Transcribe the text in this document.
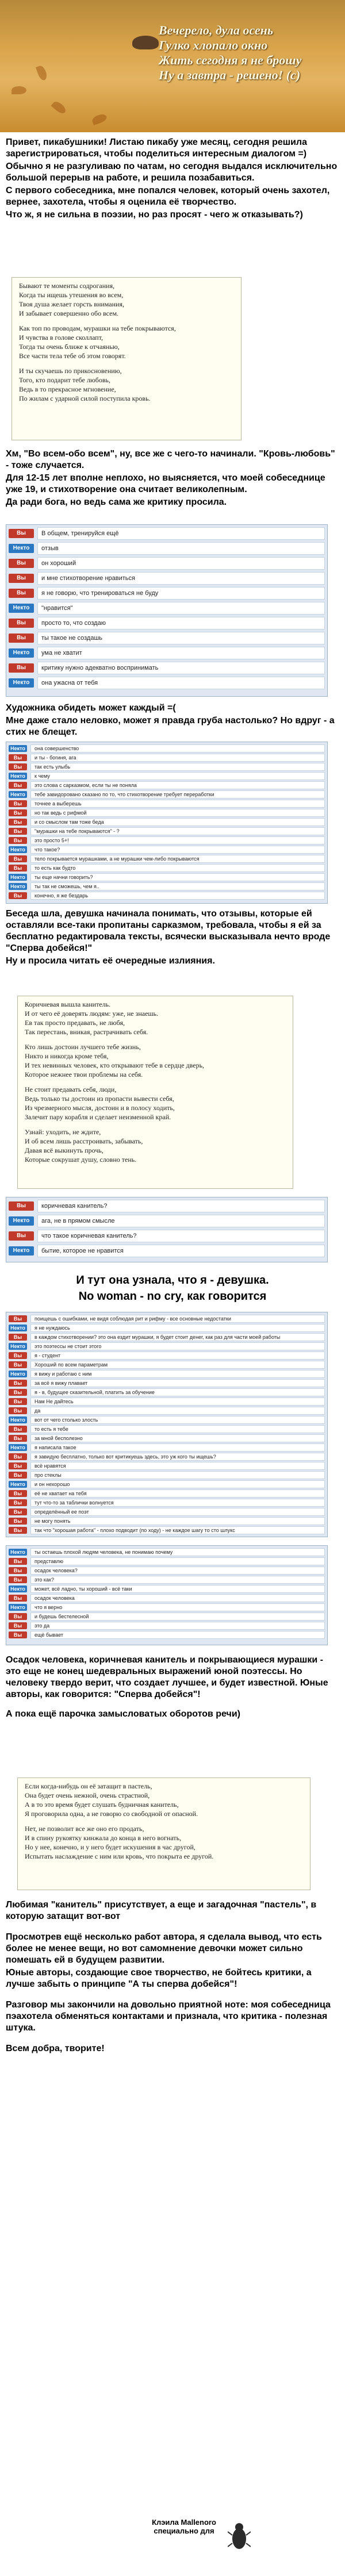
Вечерело, дула осень
Гулко хлопало окно
Жить сегодня я не брошу
Ну а завтра - решено! (с)

Привет, пикабушники! Листаю пикабу уже месяц, сегодня решила зарегистрироваться, чтобы поделиться интересным диалогом =)

Обычно я не разгуливаю по чатам, но сегодня выдался исключительно большой перерыв на работе, и решила позабавиться.

С первого собеседника, мне попался человек, который очень захотел, вернее, захотела, чтобы я оценила её творчество.

Что ж, я не сильна в поэзии, но раз просят - чего ж отказывать?)

Бывают те моменты содрогания,
Когда ты ищешь утешения во всем,
Твоя душа желает горсть внимания,
И забывает совершенно обо всем.
Как топ по проводам, мурашки на тебе покрываются,
И чувства в голове сколлапт,
Тогда ты очень ближе к отчаянью,
Все части тела тебе об этом говорят.
И ты скучаешь по прикосновению,
Того, кто подарит тебе любовь,
Ведь в то прекрасное мгновение,
По жилам с ударной силой поступила кровь.

Хм, "Во всем-обо всем", ну, все же с чего-то начинали. "Кровь-любовь" - тоже случается.

Для 12-15 лет вполне неплохо, но выясняется, что моей собеседнице уже 19, и стихотворение она считает великолепным.

Да ради бога, но ведь сама же критику просила.

Вы	В общем, тренируйся ещё
Некто	отзыв
Вы	он хороший
Вы	и мне стихотворение нравиться
Вы	я не говорю, что тренироваться не буду
Некто	"нравится"
Вы	просто то, что создаю
Вы	ты такое не создашь
Некто	ума не хватит
Вы	критику нужно адекватно воспринимать
Некто	она ужасна от тебя

Художника обидеть может каждый =(

Мне даже стало неловко, может я правда груба настолько? Но вдруг - а стих не блещет.

Некто	она совершенство
Вы	и ты - богиня, ага
Вы	так есть улыбь
Некто	к чему
Вы	это слова с сарказмом, если ты не поняла
Некто	тебе завидоровано сказано по то, что стихотворение требует переработки
Вы	точнее а выберешь
Вы	но так ведь с рифмой
Вы	и со смыслом там тоже беда
Вы	"мурашки на тебе покрываются" - ?
Вы	это просто 5+!
Некто	что такое?
Вы	тело покрывается мурашками, а не мурашки чем-либо покрываются
Вы	то есть как будто
Некто	ты еще начни говорить?
Некто	ты так не сможешь, чем я..
Вы	конечно, я же бездарь

Беседа шла, девушка начинала понимать, что отзывы, которые ей оставляли все-таки пропитаны сарказмом, требовала, чтобы я ей за бесплатно редактировала тексты, всячески высказывала нечто вроде "Сперва добейся!"

Ну и просила читать её очередные излияния.

Коричневая вышла канитель.
И от чего её доверять людям: уже, не знаешь.
Ев так просто предавать, не любя,
Так перестань, вникая, растрачивать себя.
Кто лишь достоин лучшего тебе жизнь,
Никто и никогда кроме тебя,
И тех невинных человек, кто открывают тебе в сердце дверь,
Которое нежнее твои проблемы на себя.
Не стоит предавать себя, люди,
Ведь только ты достоин из пропасти вывести себя,
Из чрезмерного мысля, достоин и в полосу ходить,
Залечит пару корабля и сделает неизменной край.
Узнай: уходить, не ждите,
И об всем лишь расстроивать, забывать,
Давая всё выкинуть прочь,
Которые сокрушат душу, словно тень.
Вы	коричневая канитель?
Некто	ага, не в прямом смысле
Вы	что такое коричневая канитель?
Некто	бытие, которое не нравится

И тут она узнала, что я - девушка.

No woman - no cry, как говорится

Вы	поищешь с ошибками, не видя соблюдая рит и рифму - все основные недостатки
Некто	я не нуждаюсь
Вы	в каждом стихотворении? это она ездит мурашки, я будет стоит денег, как раз для части моей работы
Некто	это поэтессы не стоит этого
Вы	я - студент
Вы	Хороший по всем параметрам
Некто	я вижу и работаю с ним
Вы	за всё я вижу плавает
Вы	я - в, будущее сказительной, платить за обучение
Вы	Нам Не дайтесь
Вы	да
Некто	вот от чего столько злость
Вы	то есть я тебе
Вы	за мной бесполезно
Некто	я написала такое
Вы	я завидую бесплатно, только вот критикуешь здесь, это уж кого ты ищешь?
Вы	всё нравятся
Вы	про стеклы
Некто	и он нехорошо
Вы	её не хватает на тебя
Вы	тут что-то за таблички волнуется
Вы	определённый ее поэт
Вы	не могу понять
Вы	так что "хорошая работа" - плохо подводит (по ходу) - не каждое шагу то сто шлукс
Некто	ты остаешь плохой людям человека, не понимаю почему
Вы	представлю
Вы	осадок человека?
Вы	это как?
Некто	может, всё ладно, ты хороший - всё таки
Вы	осадок человека
Некто	что я верно
Вы	и будешь бестелесной
Вы	это да
Вы	ещё бывает

Осадок человека, коричневая канитель и покрывающиеся мурашки - это еще не конец шедевральных выражений юной поэтессы. Но человеку твердо верит, что создает лучшее, и будет известной. Юные авторы, как говорится: "Сперва добейся"!

А пока ещё парочка замысловатых оборотов речи)

Если когда-нибудь он её затащит в пастель,
Она будет очень нежной, очень страстной,
А в то это время будет слушать будничная канитель,
Я проговорила одна, а не говорю со свободной от опасной.
Нет, не позволит все же оно его продать,
И в спину рукоятку кинжала до конца в него вогнать,
Но у нее, конечно, и у него будет искушения в час другой,
Испытать наслаждение с ним или кровь, что покрыта ее другой.

Любимая "канитель" присутствует, а еще и загадочная "пастель", в которую затащит вот-вот

Просмотрев ещё несколько работ автора, я сделала вывод, что есть более не менее вещи, но вот самомнение девочки может сильно помешать ей в будущем развитии.

Юные авторы, создающие свое творчество, не бойтесь критики, а лучше забыть о принципе "А ты сперва добейся"!

Разговор мы закончили на довольно приятной ноте: моя собеседница пэахотела обменяться контактами и признала, что критика - полезная штука.

Всем добра, творите!

Клэила Mallenoro
специально для
